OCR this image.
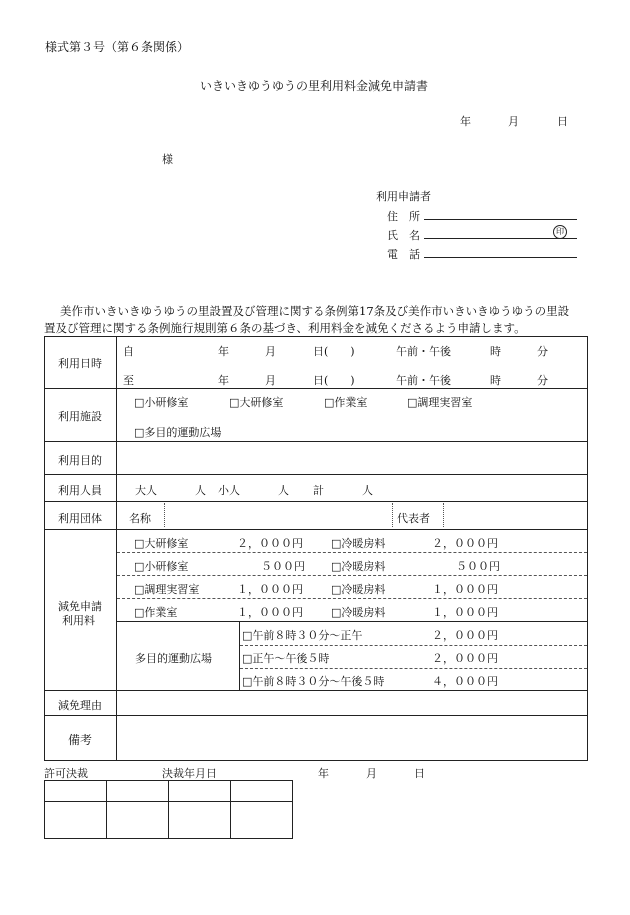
様式第３号（第６条関係）
いきいきゆうゆうの里利用料金減免申請書
年	月	日
様
利用申請者
住　所
氏　名	印
電　話
美作市いきいきゆうゆうの里設置及び管理に関する条例第17条及び美作市いきいきゆうゆうの里設
置及び管理に関する条例施行規則第６条の基づき、利用料金を減免くださるよう申請します。
利用日時
自	年	月	日(　　)	午前・午後	時	分
至	年	月	日(　　)	午前・午後	時	分
利用施設
□小研修室	□大研修室	□作業室	□調理実習室
□多目的運動広場
利用目的
利用人員	大人	人 小人	人 計	人
利用団体 名称	代表者
減免申請
利用料
□大研修室	２，０００円	□冷暖房料	２，０００円
□小研修室	５００円 □冷暖房料	５００円
□調理実習室	１，０００円	□冷暖房料	１，０００円
□作業室	１，０００円	□冷暖房料	１，０００円
多目的運動広場
□午前８時３０分～正午	２，０００円
□正午～午後５時	２，０００円
□午前８時３０分～午後５時	４，０００円
減免理由
備考
許可決裁	決裁年月日	年	月	日
